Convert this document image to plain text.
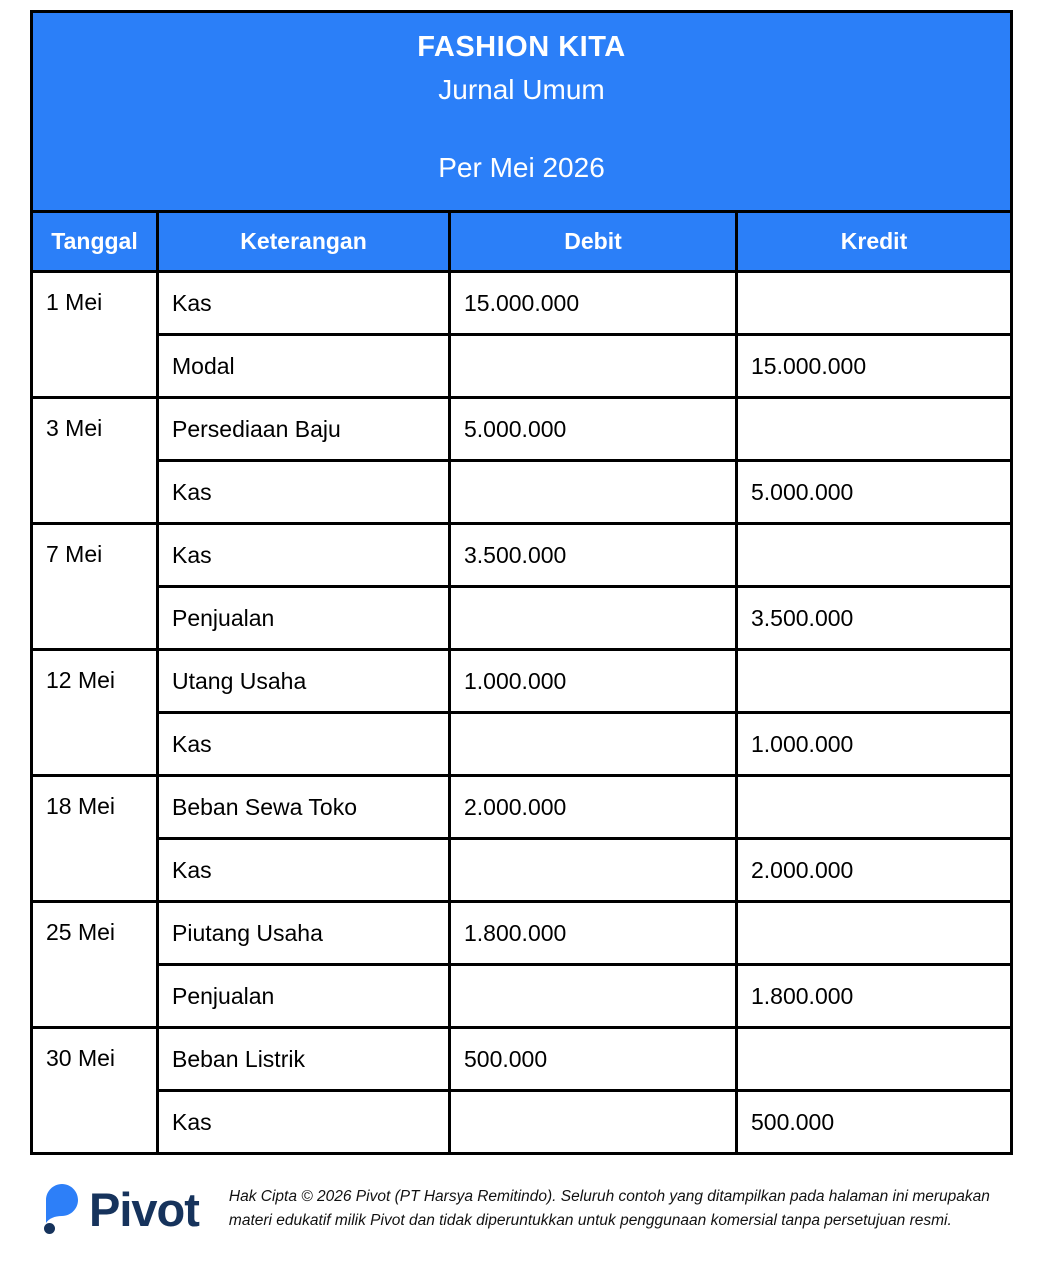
FASHION KITA
Jurnal Umum
Per Mei 2026			

Tanggal	Keterangan	Debit	Kredit
1 Mei	Kas	15.000.000	
	Modal		15.000.000
3 Mei	Persediaan Baju	5.000.000	
	Kas		5.000.000
7 Mei	Kas	3.500.000	
	Penjualan		3.500.000
12 Mei	Utang Usaha	1.000.000	
	Kas		1.000.000
18 Mei	Beban Sewa Toko	2.000.000	
	Kas		2.000.000
25 Mei	Piutang Usaha	1.800.000	
	Penjualan		1.800.000
30 Mei	Beban Listrik	500.000	
	Kas		500.000
Pivot Hak Cipta © 2026 Pivot (PT Harsya Remitindo). Seluruh contoh yang ditampilkan pada halaman ini merupakan materi edukatif milik Pivot dan tidak diperuntukkan untuk penggunaan komersial tanpa persetujuan resmi.
